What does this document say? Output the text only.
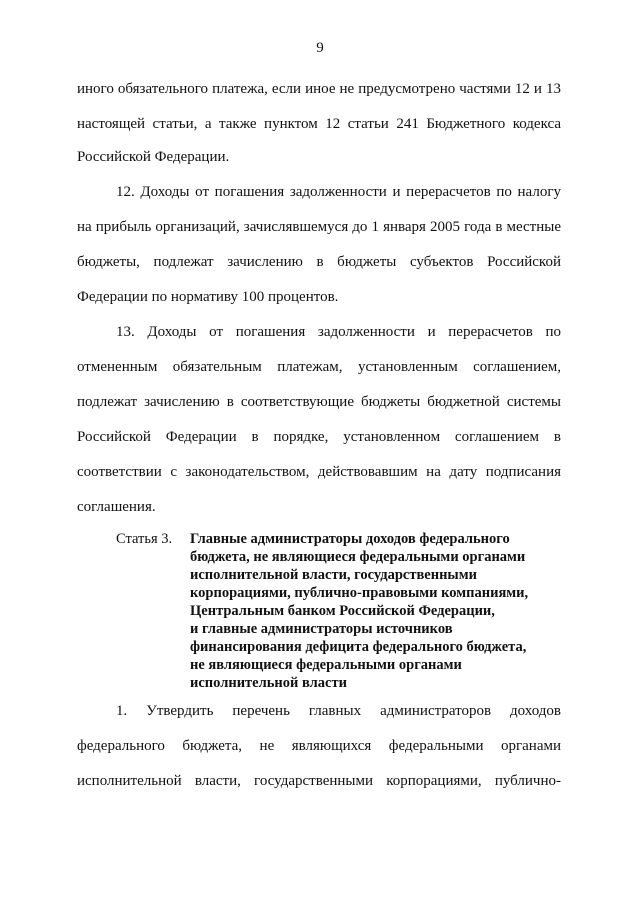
9
иного обязательного платежа, если иное не предусмотрено частями 12 и 13
настоящей статьи, а также пунктом 12 статьи 241 Бюджетного кодекса
Российской Федерации.
12. Доходы от погашения задолженности и перерасчетов по налогу
на прибыль организаций, зачислявшемуся до 1 января 2005 года в местные
бюджеты, подлежат зачислению в бюджеты субъектов Российской
Федерации по нормативу 100 процентов.
13. Доходы от погашения задолженности и перерасчетов по
отмененным обязательным платежам, установленным соглашением,
подлежат зачислению в соответствующие бюджеты бюджетной системы
Российской Федерации в порядке, установленном соглашением в
соответствии с законодательством, действовавшим на дату подписания
соглашения.
Статья 3. Главные администраторы доходов федерального
бюджета, не являющиеся федеральными органами
исполнительной власти, государственными
корпорациями, публично-правовыми компаниями,
Центральным банком Российской Федерации,
и главные администраторы источников
финансирования дефицита федерального бюджета,
не являющиеся федеральными органами
исполнительной власти
1. Утвердить перечень главных администраторов доходов
федерального бюджета, не являющихся федеральными органами
исполнительной власти, государственными корпорациями, публично-
